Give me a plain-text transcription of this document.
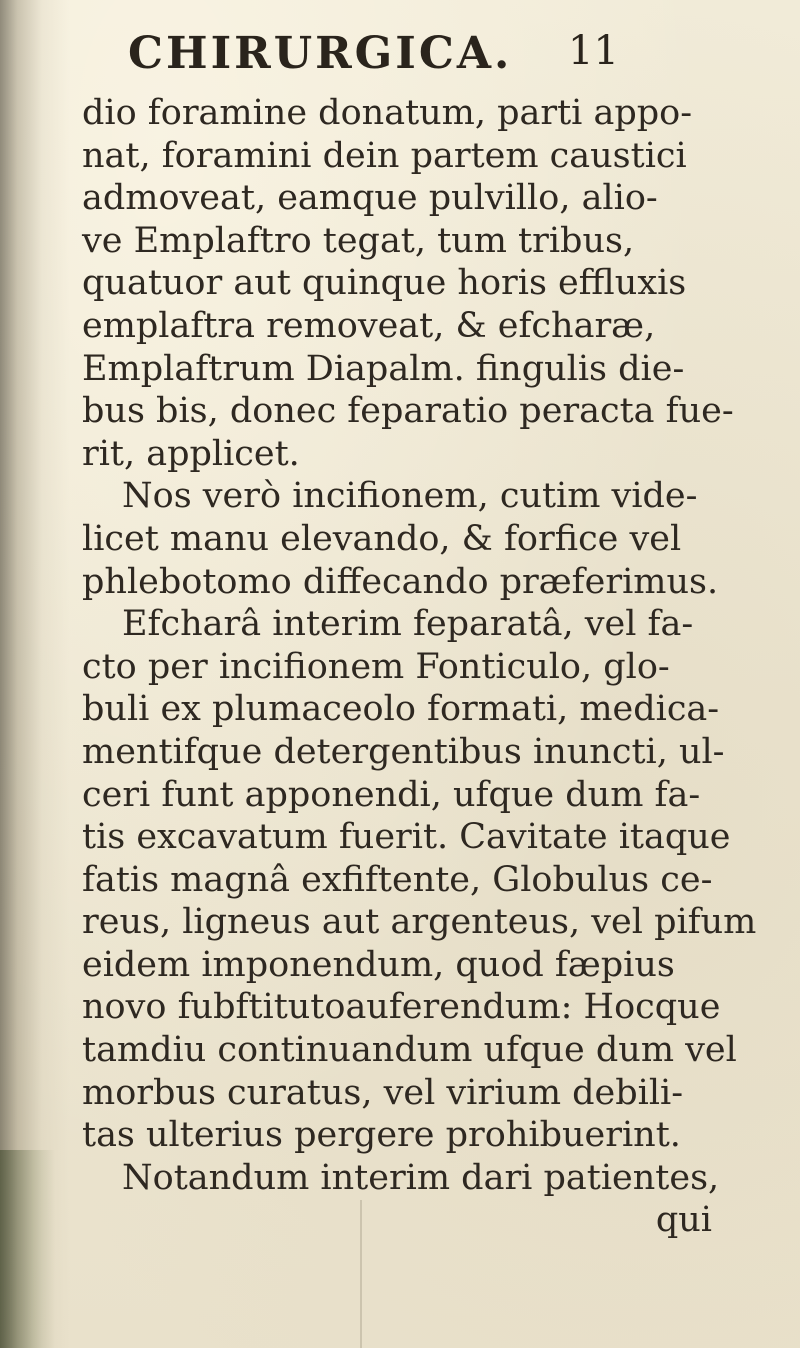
CHIRURGICA. 11
dio foramine donatum, parti appo-
nat, foramini dein partem caustici
admoveat, eamque pulvillo, alio-
ve Emplaftro tegat, tum tribus,
quatuor aut quinque horis effluxis
emplaftra removeat, & efcharæ,
Emplaftrum Diapalm. fingulis die-
bus bis, donec feparatio peracta fue-
rit, applicet.
Nos verò incifionem, cutim vide-
licet manu elevando, & forfice vel
phlebotomo diffecando præferimus.
Efcharâ interim feparatâ, vel fa-
cto per incifionem Fonticulo, glo-
buli ex plumaceolo formati, medica-
mentifque detergentibus inuncti, ul-
ceri funt apponendi, ufque dum fa-
tis excavatum fuerit. Cavitate itaque
fatis magnâ exfiftente, Globulus ce-
reus, ligneus aut argenteus, vel pifum
eidem imponendum, quod fæpius
novo fubftitutoauferendum: Hocque
tamdiu continuandum ufque dum vel
morbus curatus, vel virium debili-
tas ulterius pergere prohibuerint.
Notandum interim dari patientes,
qui
